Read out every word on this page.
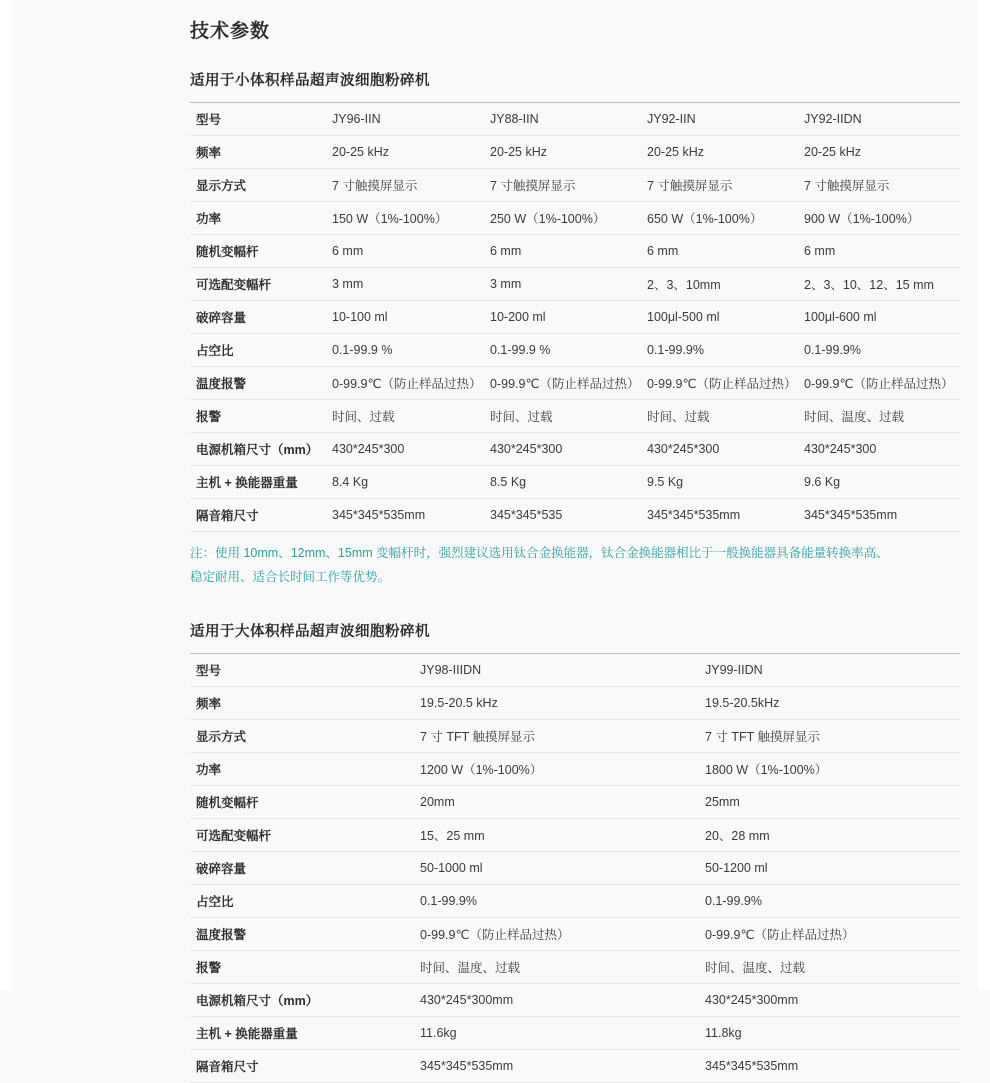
技术参数
适用于小体积样品超声波细胞粉碎机
型号	JY96-IIN	JY88-IIN	JY92-IIN	JY92-IIDN
频率	20-25 kHz	20-25 kHz	20-25 kHz	20-25 kHz
显示方式	7 寸触摸屏显示	7 寸触摸屏显示	7 寸触摸屏显示	7 寸触摸屏显示
功率	150 W（1%-100%）	250 W（1%-100%）	650 W（1%-100%）	900 W（1%-100%）
随机变幅杆	6 mm	6 mm	6 mm	6 mm
可选配变幅杆	3 mm	3 mm	2、3、10mm	2、3、10、12、15 mm
破碎容量	10-100 ml	10-200 ml	100μl-500 ml	100μl-600 ml
占空比	0.1-99.9 %	0.1-99.9 %	0.1-99.9%	0.1-99.9%
温度报警	0-99.9℃（防止样品过热）	0-99.9℃（防止样品过热）	0-99.9℃（防止样品过热）	0-99.9℃（防止样品过热）
报警	时间、过载	时间、过载	时间、过载	时间、温度、过载
电源机箱尺寸（mm）	430*245*300	430*245*300	430*245*300	430*245*300
主机 + 换能器重量	8.4 Kg	8.5 Kg	9.5 Kg	9.6 Kg
隔音箱尺寸	345*345*535mm	345*345*535	345*345*535mm	345*345*535mm
注：使用 10mm、12mm、15mm 变幅杆时，强烈建议选用钛合金换能器，钛合金换能器相比于一般换能器具备能量转换率高、
稳定耐用、适合长时间工作等优势。
适用于大体积样品超声波细胞粉碎机
型号	JY98-IIIDN	JY99-IIDN
频率	19.5-20.5 kHz	19.5-20.5kHz
显示方式	7 寸 TFT 触摸屏显示	7 寸 TFT 触摸屏显示
功率	1200 W（1%-100%）	1800 W（1%-100%）
随机变幅杆	20mm	25mm
可选配变幅杆	15、25 mm	20、28 mm
破碎容量	50-1000 ml	50-1200 ml
占空比	0.1-99.9%	0.1-99.9%
温度报警	0-99.9℃（防止样品过热）	0-99.9℃（防止样品过热）
报警	时间、温度、过载	时间、温度、过载
电源机箱尺寸（mm）	430*245*300mm	430*245*300mm
主机 + 换能器重量	11.6kg	11.8kg
隔音箱尺寸	345*345*535mm	345*345*535mm
